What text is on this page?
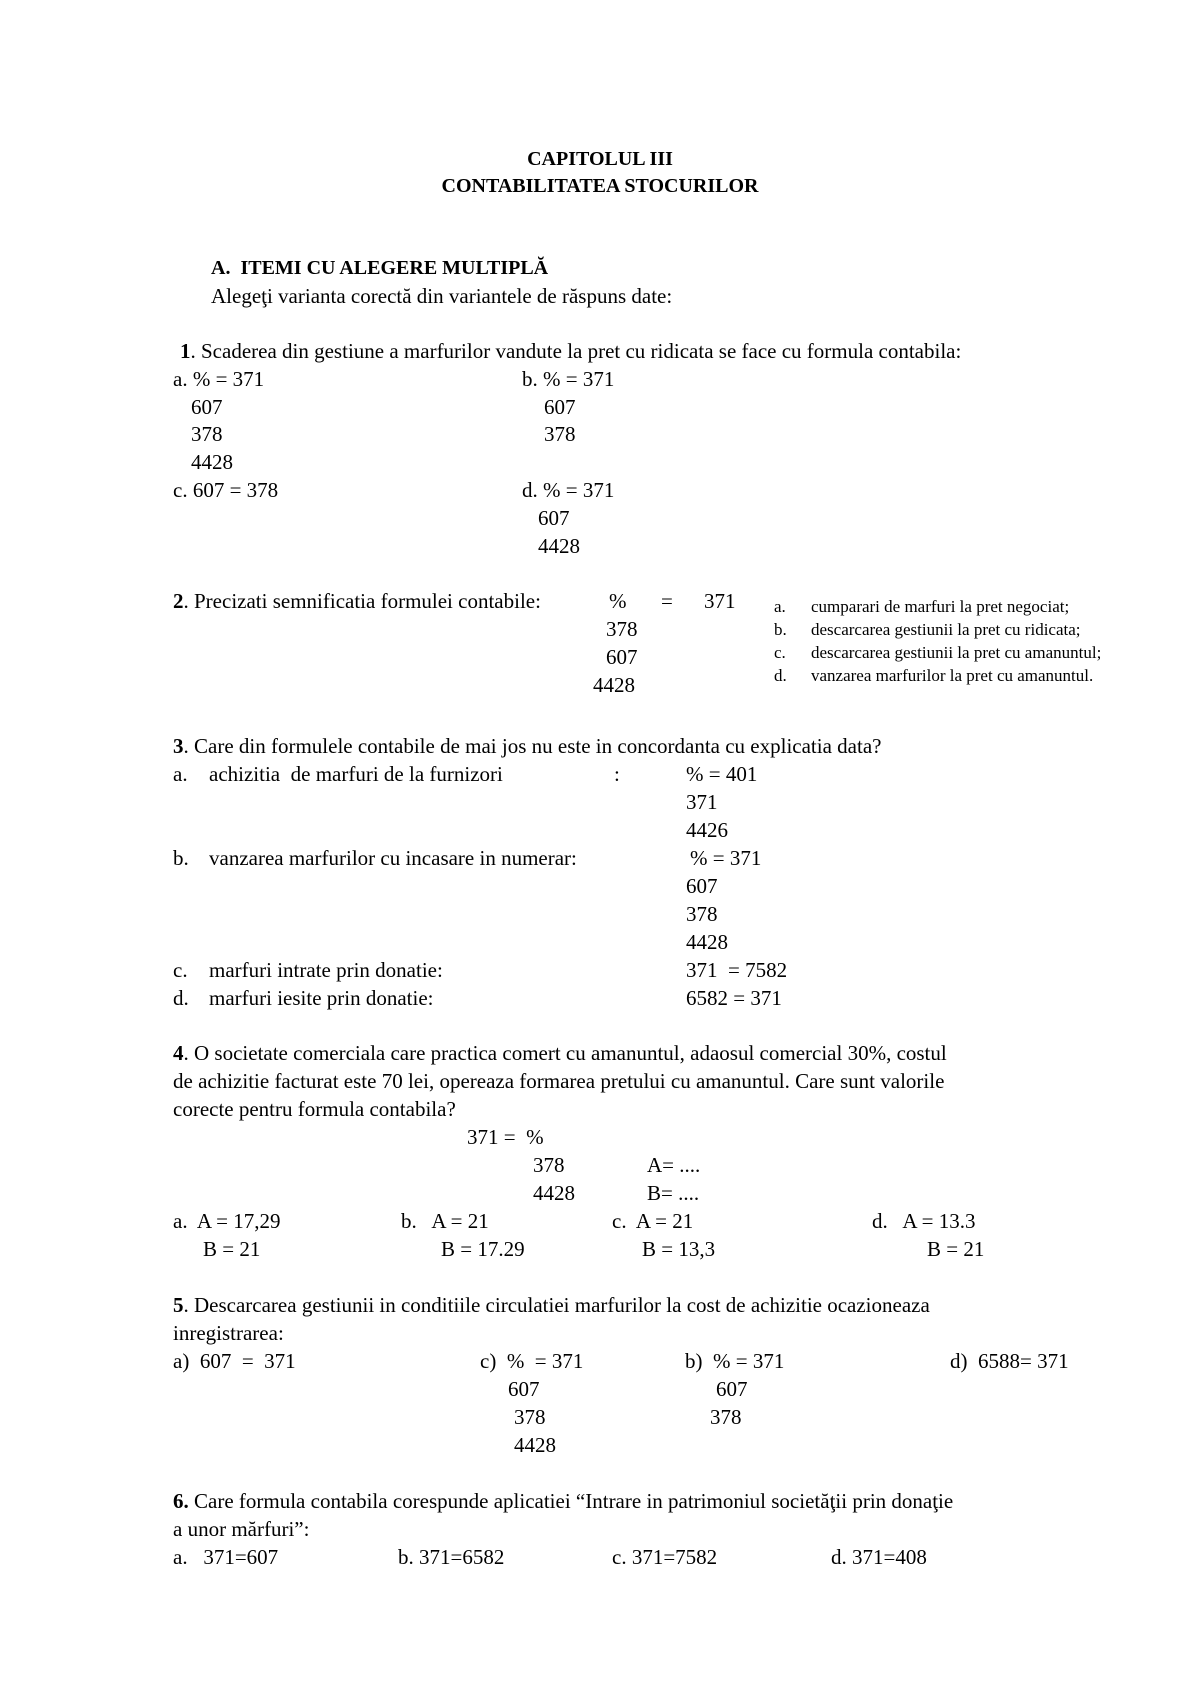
CAPITOLUL III
CONTABILITATEA STOCURILOR
A.  ITEMI CU ALEGERE MULTIPLĂ
Alegeţi varianta corectă din variantele de răspuns date:
1. Scaderea din gestiune a marfurilor vandute la pret cu ridicata se face cu formula contabila:
a. % = 371
607
378
4428
b. % = 371
607
378
c. 607 = 378	d. % = 371
607
4428
2. Precizati semnificatia formulei contabile:	% = 371
378
607
4428
a. cumparari de marfuri la pret negociat;
b. descarcarea gestiunii la pret cu ridicata;
c. descarcarea gestiunii la pret cu amanuntul;
d. vanzarea marfurilor la pret cu amanuntul.
3. Care din formulele contabile de mai jos nu este in concordanta cu explicatia data?
a. achizitia  de marfuri de la furnizori	:	% = 401
371
4426
b. vanzarea marfurilor cu incasare in numerar:	% = 371
607
378
4428
c. marfuri intrate prin donatie:	371  = 7582
d. marfuri iesite prin donatie:	6582 = 371
4. O societate comerciala care practica comert cu amanuntul, adaosul comercial 30%, costul
de achizitie facturat este 70 lei, opereaza formarea pretului cu amanuntul. Care sunt valorile
corecte pentru formula contabila?
371 =  %
378	A= ....
4428	B= ....
a.  A = 17,29
B = 21
b.   A = 21
B = 17.29
c.  A = 21
B = 13,3
d.   A = 13.3
B = 21
5. Descarcarea gestiunii in conditiile circulatiei marfurilor la cost de achizitie ocazioneaza
inregistrarea:
a)  607  =  371	c)  %  = 371
607
378
4428
b)  % = 371
607
378
d)  6588= 371
6. Care formula contabila corespunde aplicatiei “Intrare in patrimoniul societăţii prin donaţie
a unor mărfuri”:
a.   371=607	b. 371=6582	c. 371=7582	d. 371=408
